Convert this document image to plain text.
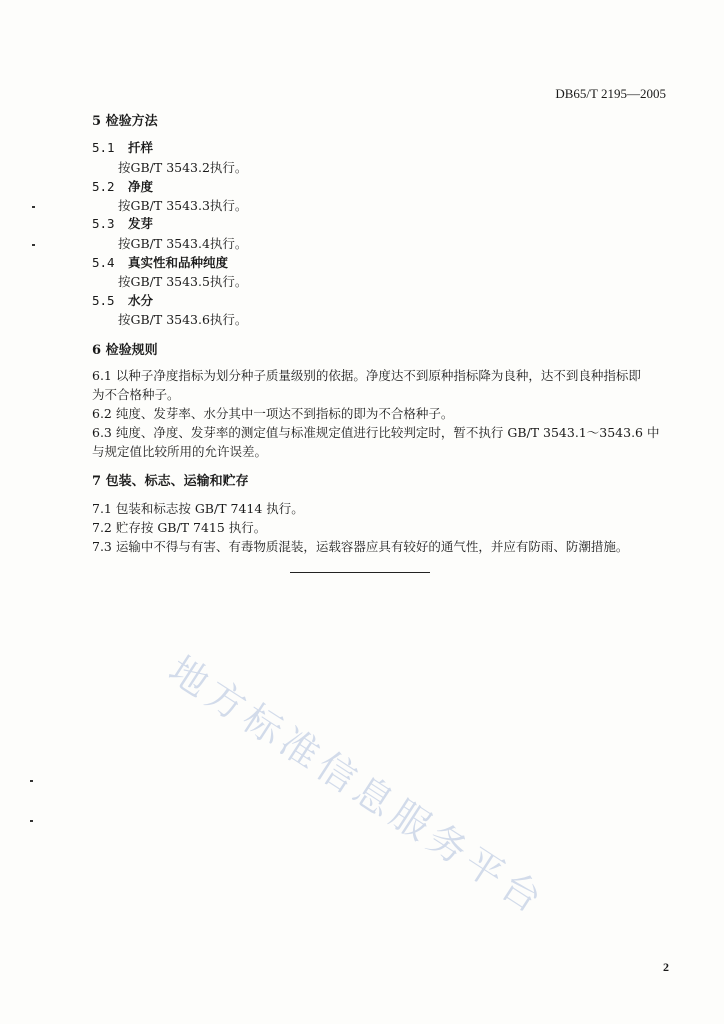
DB65/T 2195—2005
5 检验方法
5.1 扦样
按GB/T 3543.2执行。
5.2 净度
按GB/T 3543.3执行。
5.3 发芽
按GB/T 3543.4执行。
5.4 真实性和品种纯度
按GB/T 3543.5执行。
5.5 水分
按GB/T 3543.6执行。
6 检验规则
6.1 以种子净度指标为划分种子质量级别的依据。净度达不到原种指标降为良种，达不到良种指标即
为不合格种子。
6.2 纯度、发芽率、水分其中一项达不到指标的即为不合格种子。
6.3 纯度、净度、发芽率的测定值与标准规定值进行比较判定时，暂不执行 GB/T 3543.1～3543.6 中
与规定值比较所用的允许误差。
7 包装、标志、运输和贮存
7.1 包装和标志按 GB/T 7414 执行。
7.2 贮存按 GB/T 7415 执行。
7.3 运输中不得与有害、有毒物质混装，运载容器应具有较好的通气性，并应有防雨、防潮措施。
地方标准信息服务平台
2
